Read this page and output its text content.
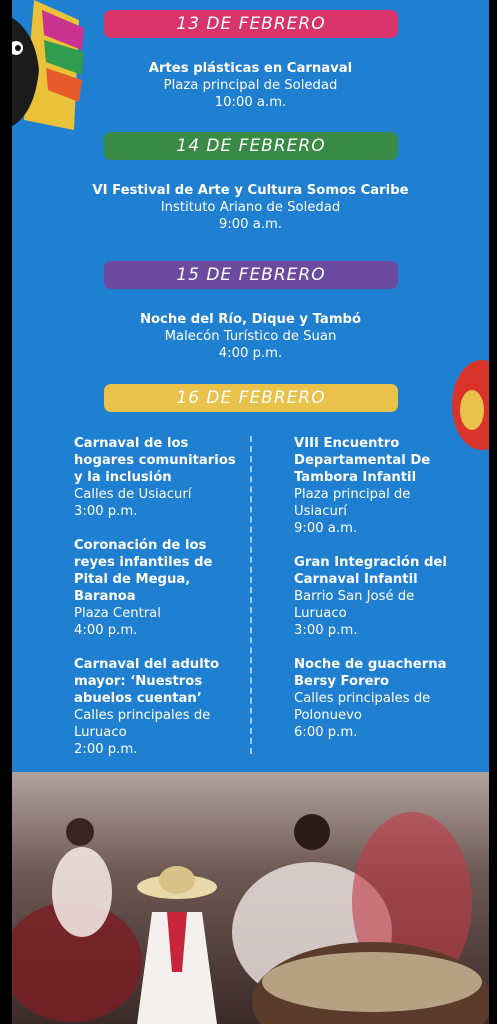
13 DE FEBRERO
Artes plásticas en Carnaval
Plaza principal de Soledad
10:00 a.m.
14 DE FEBRERO
VI Festival de Arte y Cultura Somos Caribe
Instituto Ariano de Soledad
9:00 a.m.
15 DE FEBRERO
Noche del Río, Dique y Tambó
Malecón Turístico de Suan
4:00 p.m.
16 DE FEBRERO
Carnaval de los hogares comunitarios y la inclusión
Calles de Usiacurí
3:00 p.m.
Coronación de los reyes infantiles de Pital de Megua, Baranoa
Plaza Central
4:00 p.m.
Carnaval del adulto mayor: ‘Nuestros abuelos cuentan’
Calles principales de Luruaco
2:00 p.m.
VIII Encuentro Departamental De Tambora Infantil
Plaza principal de Usiacurí
9:00 a.m.
Gran Integración del Carnaval Infantil
Barrio San José de Luruaco
3:00 p.m.
Noche de guacherna Bersy Forero
Calles principales de Polonuevo
6:00 p.m.
